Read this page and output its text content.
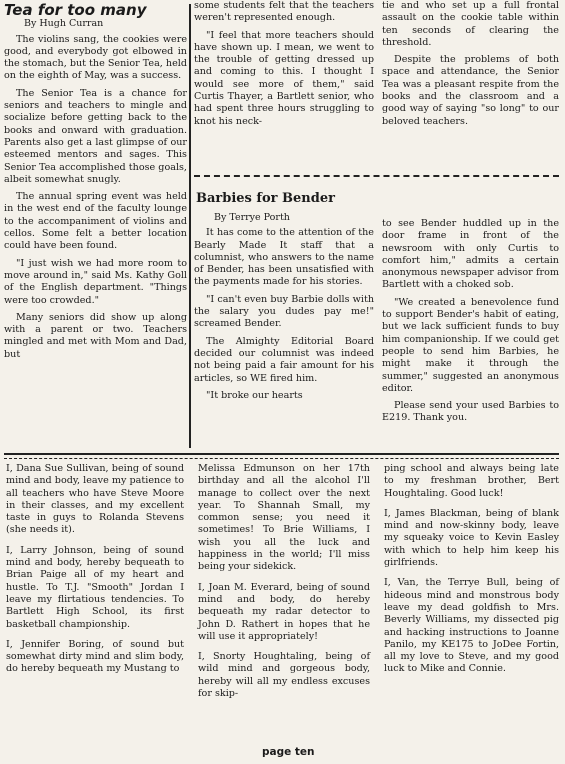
Tea for too many

By Hugh Curran

The violins sang, the cookies were good, and everybody got elbowed in the stomach, but the Senior Tea, held on the eighth of May, was a success.

The Senior Tea is a chance for seniors and teachers to mingle and socialize before getting back to the books and onward with graduation. Parents also get a last glimpse of our esteemed mentors and sages. This Senior Tea accomplished those goals, albeit somewhat snugly.

The annual spring event was held in the west end of the faculty lounge to the accompaniment of violins and cellos. Some felt a better location could have been found.

"I just wish we had more room to move around in," said Ms. Kathy Goll of the English department. "Things were too crowded."

Many seniors did show up along with a parent or two. Teachers mingled and met with Mom and Dad, but

some students felt that the teachers weren't represented enough.

"I feel that more teachers should have shown up. I mean, we went to the trouble of getting dressed up and coming to this. I thought I would see more of them," said Curtis Thayer, a Bartlett senior, who had spent three hours struggling to knot his neck-

tie and who set up a full frontal assault on the cookie table within ten seconds of clearing the threshold.

Despite the problems of both space and attendance, the Senior Tea was a pleasant respite from the books and the classroom and a good way of saying "so long" to our beloved teachers.

Barbies for Bender

By Terrye Porth

It has come to the attention of the Bearly Made It staff that a columnist, who answers to the name of Bender, has been unsatisfied with the payments made for his stories.

"I can't even buy Barbie dolls with the salary you dudes pay me!" screamed Bender.

The Almighty Editorial Board decided our columnist was indeed not being paid a fair amount for his articles, so WE fired him.

"It broke our hearts

to see Bender huddled up in the door frame in front of the newsroom with only Curtis to comfort him," admits a certain anonymous newspaper advisor from Bartlett with a choked sob.

"We created a benevolence fund to support Bender's habit of eating, but we lack sufficient funds to buy him companionship. If we could get people to send him Barbies, he might make it through the summer," suggested an anonymous editor.

Please send your used Barbies to E219. Thank you.

I, Dana Sue Sullivan, being of sound mind and body, leave my patience to all teachers who have Steve Moore in their classes, and my excellent taste in guys to Rolanda Stevens (she needs it).

I, Larry Johnson, being of sound mind and body, hereby bequeath to Brian Paige all of my heart and hustle. To T.J. "Smooth" Jordan I leave my flirtatious tendencies. To Bartlett High School, its first basketball championship.

I, Jennifer Boring, of sound but somewhat dirty mind and slim body, do hereby bequeath my Mustang to

Melissa Edmunson on her 17th birthday and all the alcohol I'll manage to collect over the next year. To Shannah Small, my common sense; you need it sometimes! To Brie Williams, I wish you all the luck and happiness in the world; I'll miss being your sidekick.

I, Joan M. Everard, being of sound mind and body, do hereby bequeath my radar detector to John D. Rathert in hopes that he will use it appropriately!

I, Snorty Houghtaling, being of wild mind and gorgeous body, hereby will all my endless excuses for skip-

ping school and always being late to my freshman brother, Bert Houghtaling. Good luck!

I, James Blackman, being of blank mind and now-skinny body, leave my squeaky voice to Kevin Easley with which to help him keep his girlfriends.

I, Van, the Terrye Bull, being of hideous mind and monstrous body leave my dead goldfish to Mrs. Beverly Williams, my dissected pig and hacking instructions to Joanne Panilo, my KE175 to JoDee Fortin, all my love to Steve, and my good luck to Mike and Connie.

page ten
